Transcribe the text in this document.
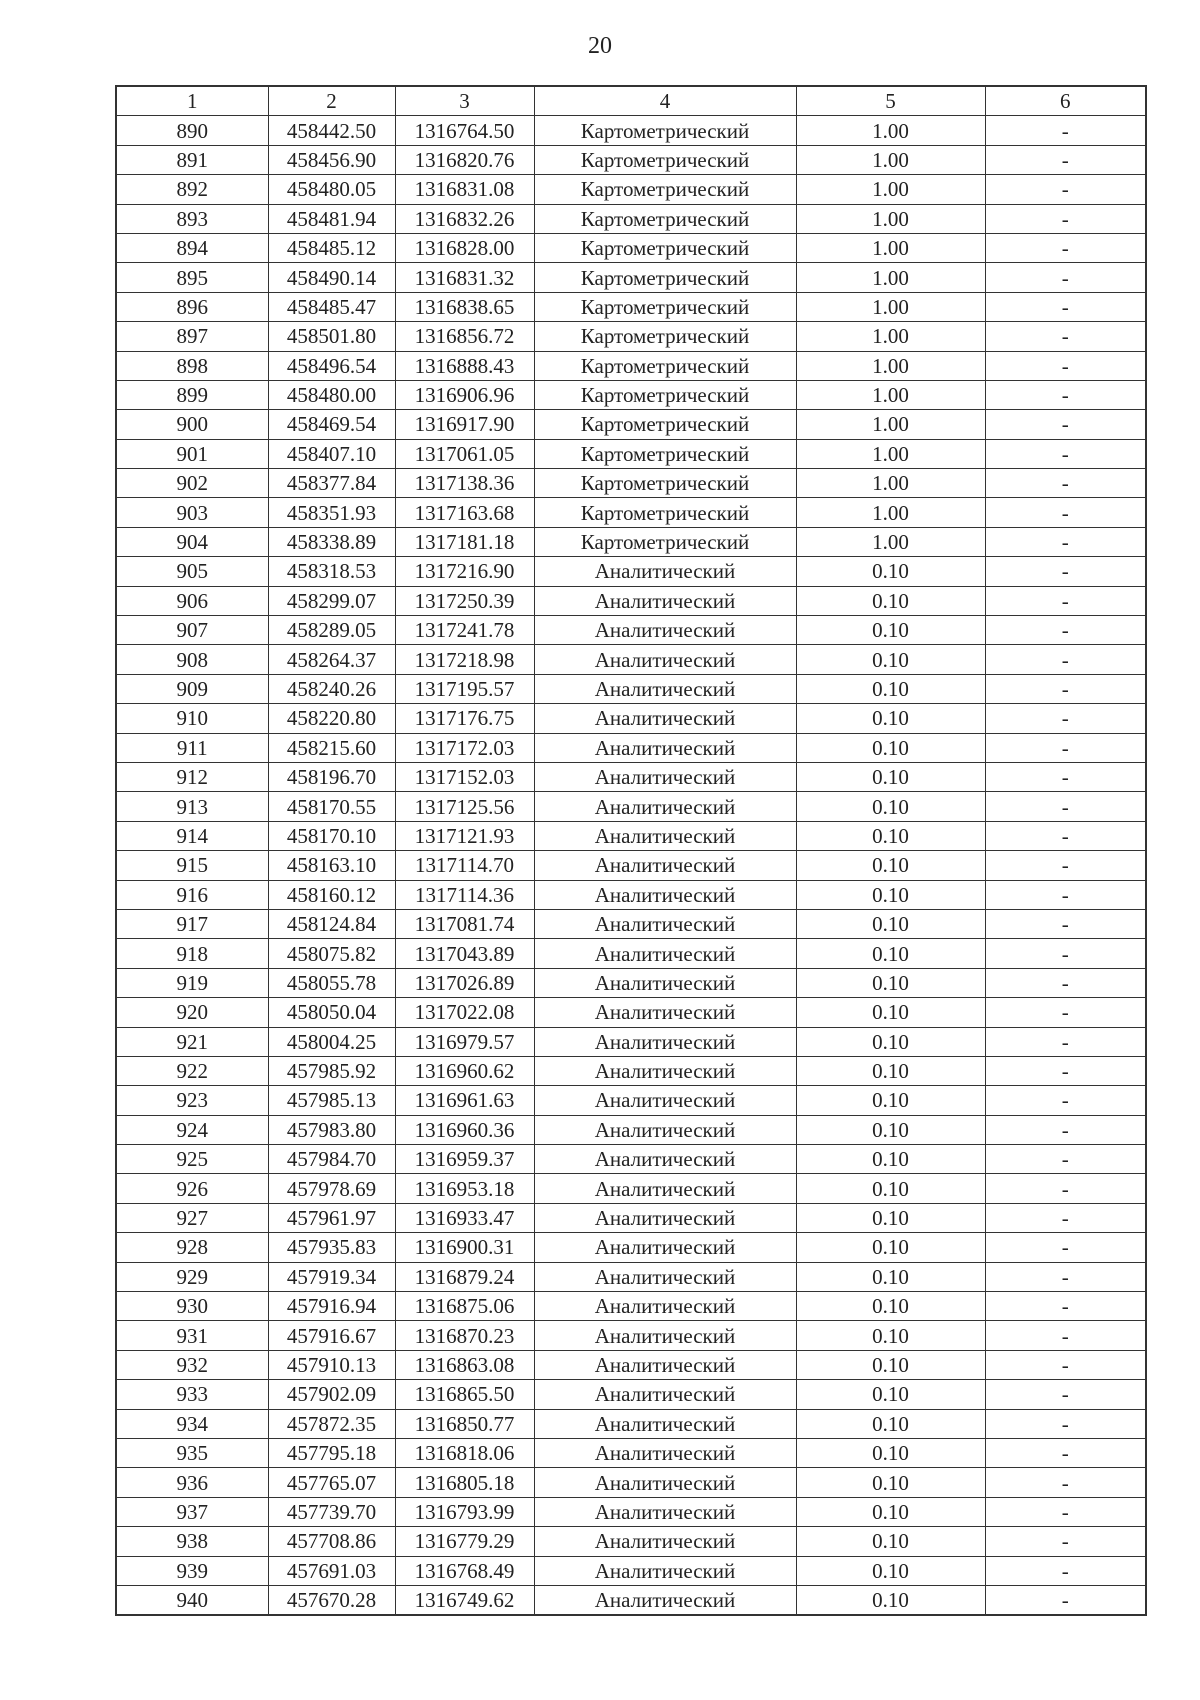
20
1	2	3	4	5	6
890	458442.50	1316764.50	Картометрический	1.00	-
891	458456.90	1316820.76	Картометрический	1.00	-
892	458480.05	1316831.08	Картометрический	1.00	-
893	458481.94	1316832.26	Картометрический	1.00	-
894	458485.12	1316828.00	Картометрический	1.00	-
895	458490.14	1316831.32	Картометрический	1.00	-
896	458485.47	1316838.65	Картометрический	1.00	-
897	458501.80	1316856.72	Картометрический	1.00	-
898	458496.54	1316888.43	Картометрический	1.00	-
899	458480.00	1316906.96	Картометрический	1.00	-
900	458469.54	1316917.90	Картометрический	1.00	-
901	458407.10	1317061.05	Картометрический	1.00	-
902	458377.84	1317138.36	Картометрический	1.00	-
903	458351.93	1317163.68	Картометрический	1.00	-
904	458338.89	1317181.18	Картометрический	1.00	-
905	458318.53	1317216.90	Аналитический	0.10	-
906	458299.07	1317250.39	Аналитический	0.10	-
907	458289.05	1317241.78	Аналитический	0.10	-
908	458264.37	1317218.98	Аналитический	0.10	-
909	458240.26	1317195.57	Аналитический	0.10	-
910	458220.80	1317176.75	Аналитический	0.10	-
911	458215.60	1317172.03	Аналитический	0.10	-
912	458196.70	1317152.03	Аналитический	0.10	-
913	458170.55	1317125.56	Аналитический	0.10	-
914	458170.10	1317121.93	Аналитический	0.10	-
915	458163.10	1317114.70	Аналитический	0.10	-
916	458160.12	1317114.36	Аналитический	0.10	-
917	458124.84	1317081.74	Аналитический	0.10	-
918	458075.82	1317043.89	Аналитический	0.10	-
919	458055.78	1317026.89	Аналитический	0.10	-
920	458050.04	1317022.08	Аналитический	0.10	-
921	458004.25	1316979.57	Аналитический	0.10	-
922	457985.92	1316960.62	Аналитический	0.10	-
923	457985.13	1316961.63	Аналитический	0.10	-
924	457983.80	1316960.36	Аналитический	0.10	-
925	457984.70	1316959.37	Аналитический	0.10	-
926	457978.69	1316953.18	Аналитический	0.10	-
927	457961.97	1316933.47	Аналитический	0.10	-
928	457935.83	1316900.31	Аналитический	0.10	-
929	457919.34	1316879.24	Аналитический	0.10	-
930	457916.94	1316875.06	Аналитический	0.10	-
931	457916.67	1316870.23	Аналитический	0.10	-
932	457910.13	1316863.08	Аналитический	0.10	-
933	457902.09	1316865.50	Аналитический	0.10	-
934	457872.35	1316850.77	Аналитический	0.10	-
935	457795.18	1316818.06	Аналитический	0.10	-
936	457765.07	1316805.18	Аналитический	0.10	-
937	457739.70	1316793.99	Аналитический	0.10	-
938	457708.86	1316779.29	Аналитический	0.10	-
939	457691.03	1316768.49	Аналитический	0.10	-
940	457670.28	1316749.62	Аналитический	0.10	-
